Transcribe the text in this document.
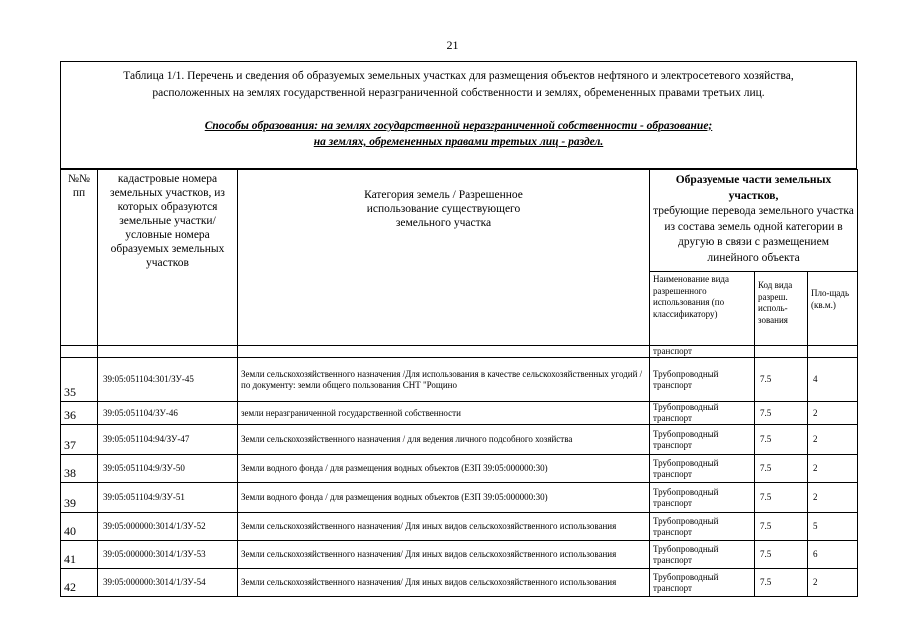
21
Таблица 1/1. Перечень и сведения об образуемых земельных участках для размещения объектов нефтяного и электросетевого хозяйства,
расположенных на землях государственной неразграниченной собственности и землях, обремененных правами третьих лиц.
Способы образования: на землях государственной неразграниченной собственности - образование;
на землях, обремененных правами третьих лиц - раздел.
№№ пп	кадастровые номера земельных участков, из которых образуются земельные участки/ условные номера образуемых земельных участков	Категория земель / Разрешенное использование существующего земельного участка	Образуемые части земельных участков,
требующие перевода земельного участка из состава земель одной категории в другую в связи с размещением линейного объекта		
			Наименование вида разрешенного использования (по классификатору)	Код вида разреш. исполь-зования	Пло-щадь (кв.м.)
			транспорт		
35	39:05:051104:301/ЗУ-45	Земли сельскохозяйственного назначения /Для использования в качестве сельскохозяйственных угодий /по документу: земли общего пользования СНТ "Рощино	Трубопроводный транспорт	7.5	4
36	39:05:051104/ЗУ-46	земли неразграниченной государственной собственности	Трубопроводный транспорт	7.5	2
37	39:05:051104:94/ЗУ-47	Земли сельскохозяйственного назначения / для ведения личного подсобного хозяйства	Трубопроводный транспорт	7.5	2
38	39:05:051104:9/ЗУ-50	Земли водного фонда / для размещения водных объектов (ЕЗП 39:05:000000:30)	Трубопроводный транспорт	7.5	2
39	39:05:051104:9/ЗУ-51	Земли водного фонда / для размещения водных объектов (ЕЗП 39:05:000000:30)	Трубопроводный транспорт	7.5	2
40	39:05:000000:3014/1/ЗУ-52	Земли сельскохозяйственного назначения/ Для иных видов сельскохозяйственного использования	Трубопроводный транспорт	7.5	5
41	39:05:000000:3014/1/ЗУ-53	Земли сельскохозяйственного назначения/ Для иных видов сельскохозяйственного использования	Трубопроводный транспорт	7.5	6
42	39:05:000000:3014/1/ЗУ-54	Земли сельскохозяйственного назначения/ Для иных видов сельскохозяйственного использования	Трубопроводный транспорт	7.5	2
